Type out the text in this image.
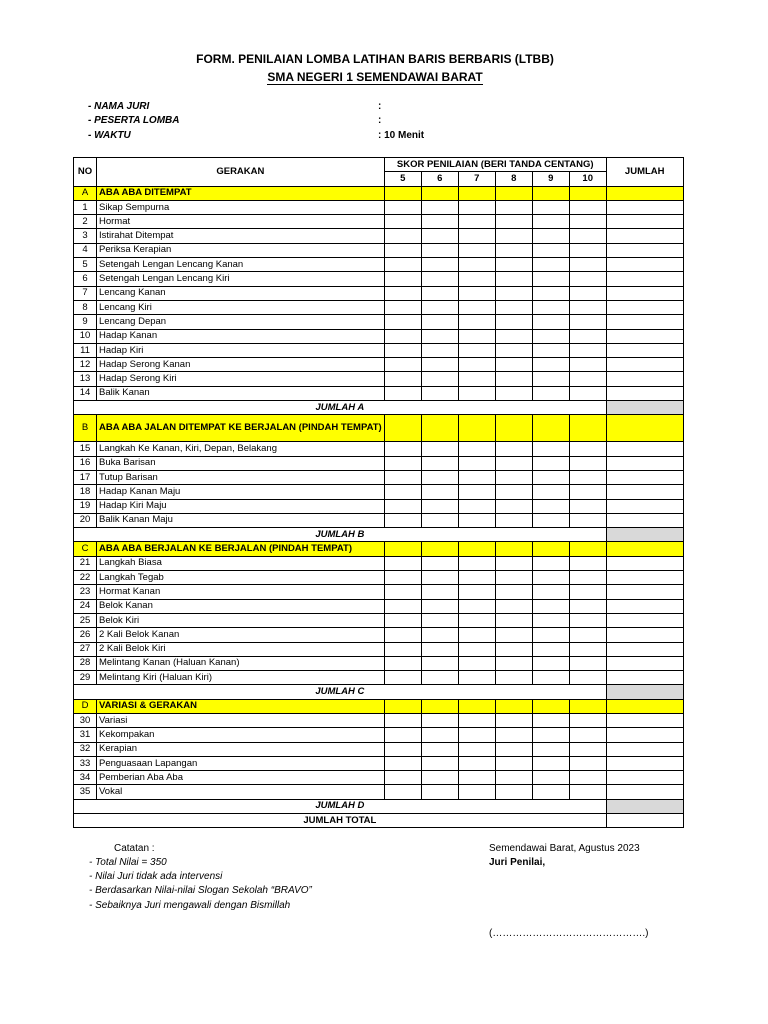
FORM. PENILAIAN LOMBA LATIHAN BARIS BERBARIS (LTBB)
SMA NEGERI 1 SEMENDAWAI BARAT
- NAMA JURI	:
- PESERTA LOMBA	:
- WAKTU	: 10 Menit
NO	GERAKAN	SKOR PENILAIAN (BERI TANDA CENTANG)						JUMLAH
		5	6	7	8	9	10	
A	ABA ABA DITEMPAT							
1	Sikap Sempurna							
2	Hormat							
3	Istirahat Ditempat							
4	Periksa Kerapian							
5	Setengah Lengan Lencang Kanan							
6	Setengah Lengan Lencang Kiri							
7	Lencang Kanan							
8	Lencang Kiri							
9	Lencang Depan							
10	Hadap Kanan							
11	Hadap Kiri							
12	Hadap Serong Kanan							
13	Hadap Serong Kiri							
14	Balik Kanan							
JUMLAH A								
B	ABA ABA JALAN DITEMPAT KE BERJALAN (PINDAH TEMPAT)							
15	Langkah Ke Kanan, Kiri, Depan, Belakang							
16	Buka Barisan							
17	Tutup Barisan							
18	Hadap Kanan Maju							
19	Hadap Kiri Maju							
20	Balik Kanan Maju							
JUMLAH B								
C	ABA ABA BERJALAN KE BERJALAN (PINDAH TEMPAT)							
21	Langkah Biasa							
22	Langkah Tegab							
23	Hormat Kanan							
24	Belok Kanan							
25	Belok Kiri							
26	2 Kali Belok Kanan							
27	2 Kali Belok Kiri							
28	Melintang Kanan (Haluan Kanan)							
29	Melintang Kiri (Haluan Kiri)							
JUMLAH C								
D	VARIASI & GERAKAN							
30	Variasi							
31	Kekompakan							
32	Kerapian							
33	Penguasaan Lapangan							
34	Pemberian Aba Aba							
35	Vokal							
JUMLAH D								
JUMLAH TOTAL								
Catatan :
- Total Nilai = 350
- Nilai Juri tidak ada intervensi
- Berdasarkan Nilai-nilai Slogan Sekolah “BRAVO”
- Sebaiknya Juri mengawali dengan Bismillah
Semendawai Barat, Agustus 2023
Juri Penilai,
(……………………………………….)
